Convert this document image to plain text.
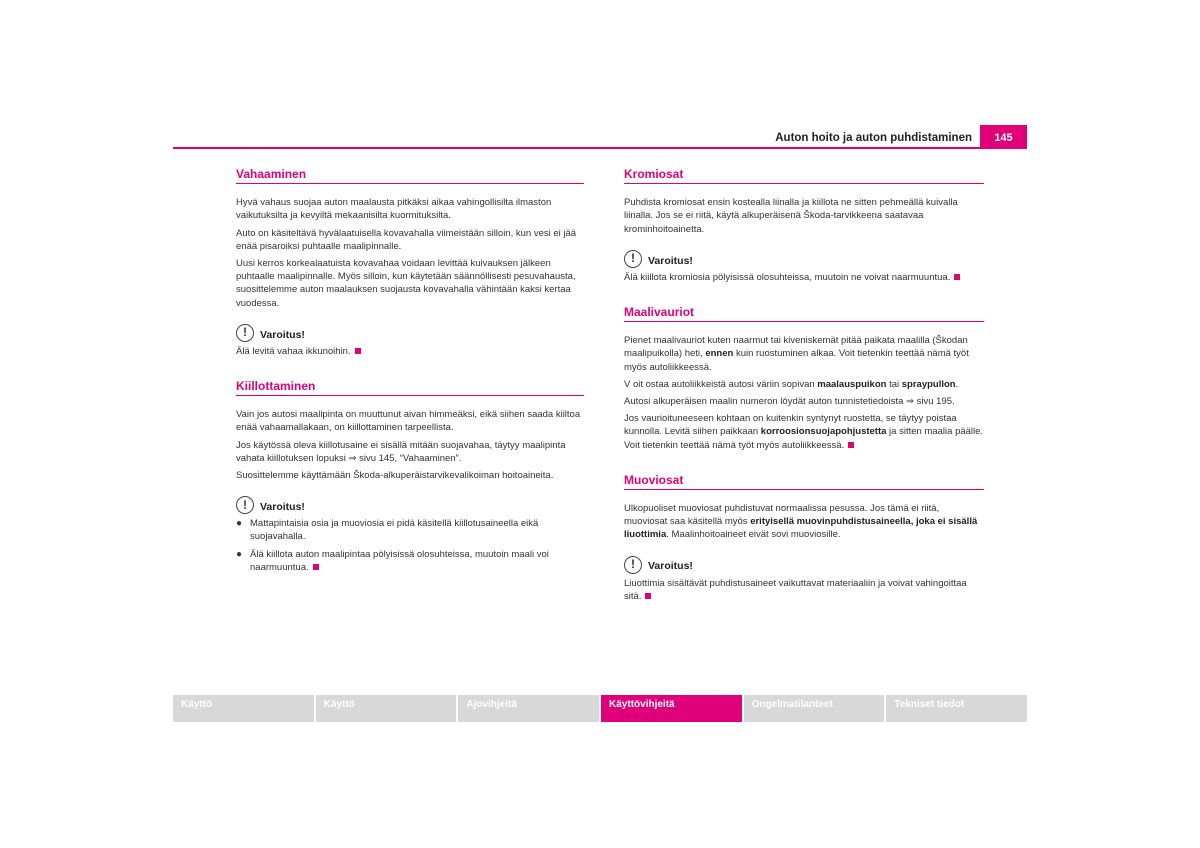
Auton hoito ja auton puhdistaminen	145
Vahaaminen

Hyvä vahaus suojaa auton maalausta pitkäksi aikaa vahingollisilta ilmaston vaikutuksilta ja kevyiltä mekaanisilta kuormituksilta.

Auto on käsiteltävä hyvälaatuisella kovavahalla viimeistään silloin, kun vesi ei jää enää pisaroiksi puhtaalle maalipinnalle.

Uusi kerros korkealaatuista kovavahaa voidaan levittää kuivauksen jälkeen puhtaalle maalipinnalle. Myös silloin, kun käytetään säännöllisesti pesuvahausta, suosittelemme auton maalauksen suojausta kovavahalla vähintään kaksi kertaa vuodessa.

!	Varoitus!
Älä levitä vahaa ikkunoihin.
Kiillottaminen

Vain jos autosi maalipinta on muuttunut aivan himmeäksi, eikä siihen saada kiiltoa enää vahaamallakaan, on kiillottaminen tarpeellista.

Jos käytössä oleva kiillotusaine ei sisällä mitään suojavahaa, täytyy maalipinta vahata kiillotuksen lopuksi ⇒ sivu 145, “Vahaaminen”.

Suosittelemme käyttämään Škoda-alkuperäistarvikevalikoiman hoitoaineita.

!	Varoitus!
● Mattapintaisia osia ja muoviosia ei pidä käsitellä kiillotusaineella eikä suojavahalla.
● Älä kiillota auton maalipintaa pölyisissä olosuhteissa, muutoin maali voi naarmuuntua.
Kromiosat

Puhdista kromiosat ensin kostealla liinalla ja kiillota ne sitten pehmeällä kuivalla liinalla. Jos se ei riitä, käytä alkuperäisenä Škoda-tarvikkeena saatavaa krominhoitoainetta.

!	Varoitus!
Älä kiillota kromiosia pölyisissä olosuhteissa, muutoin ne voivat naarmuuntua.
Maalivauriot

Pienet maalivauriot kuten naarmut tai kiveniskemät pitää paikata maalilla (Škodan maalipuikolla) heti, ennen kuin ruostuminen alkaa. Voit tietenkin teettää nämä työt myös autoliikkeessä.

V oit ostaa autoliikkeistä autosi väriin sopivan maalauspuikon tai spraypullon.

Autosi alkuperäisen maalin numeron löydät auton tunnistetiedoista ⇒ sivu 195.

Jos vaurioituneeseen kohtaan on kuitenkin syntynyt ruostetta, se täytyy poistaa kunnolla. Levitä siihen paikkaan korroosionsuojapohjustetta ja sitten maalia päälle. Voit tietenkin teettää nämä työt myös autoliikkeessä.

Muoviosat

Ulkopuoliset muoviosat puhdistuvat normaalissa pesussa. Jos tämä ei riitä, muoviosat saa käsitellä myös erityisellä muovinpuhdistusaineella, joka ei sisällä liuottimia. Maalinhoitoaineet eivät sovi muoviosille.

!	Varoitus!
Liuottimia sisältävät puhdistusaineet vaikuttavat materiaaliin ja voivat vahingoittaa sitä.
Käyttö	Käyttö	Ajovihjeitä	Käyttövihjeitä	Ongelmatilanteet	Tekniset tiedot
